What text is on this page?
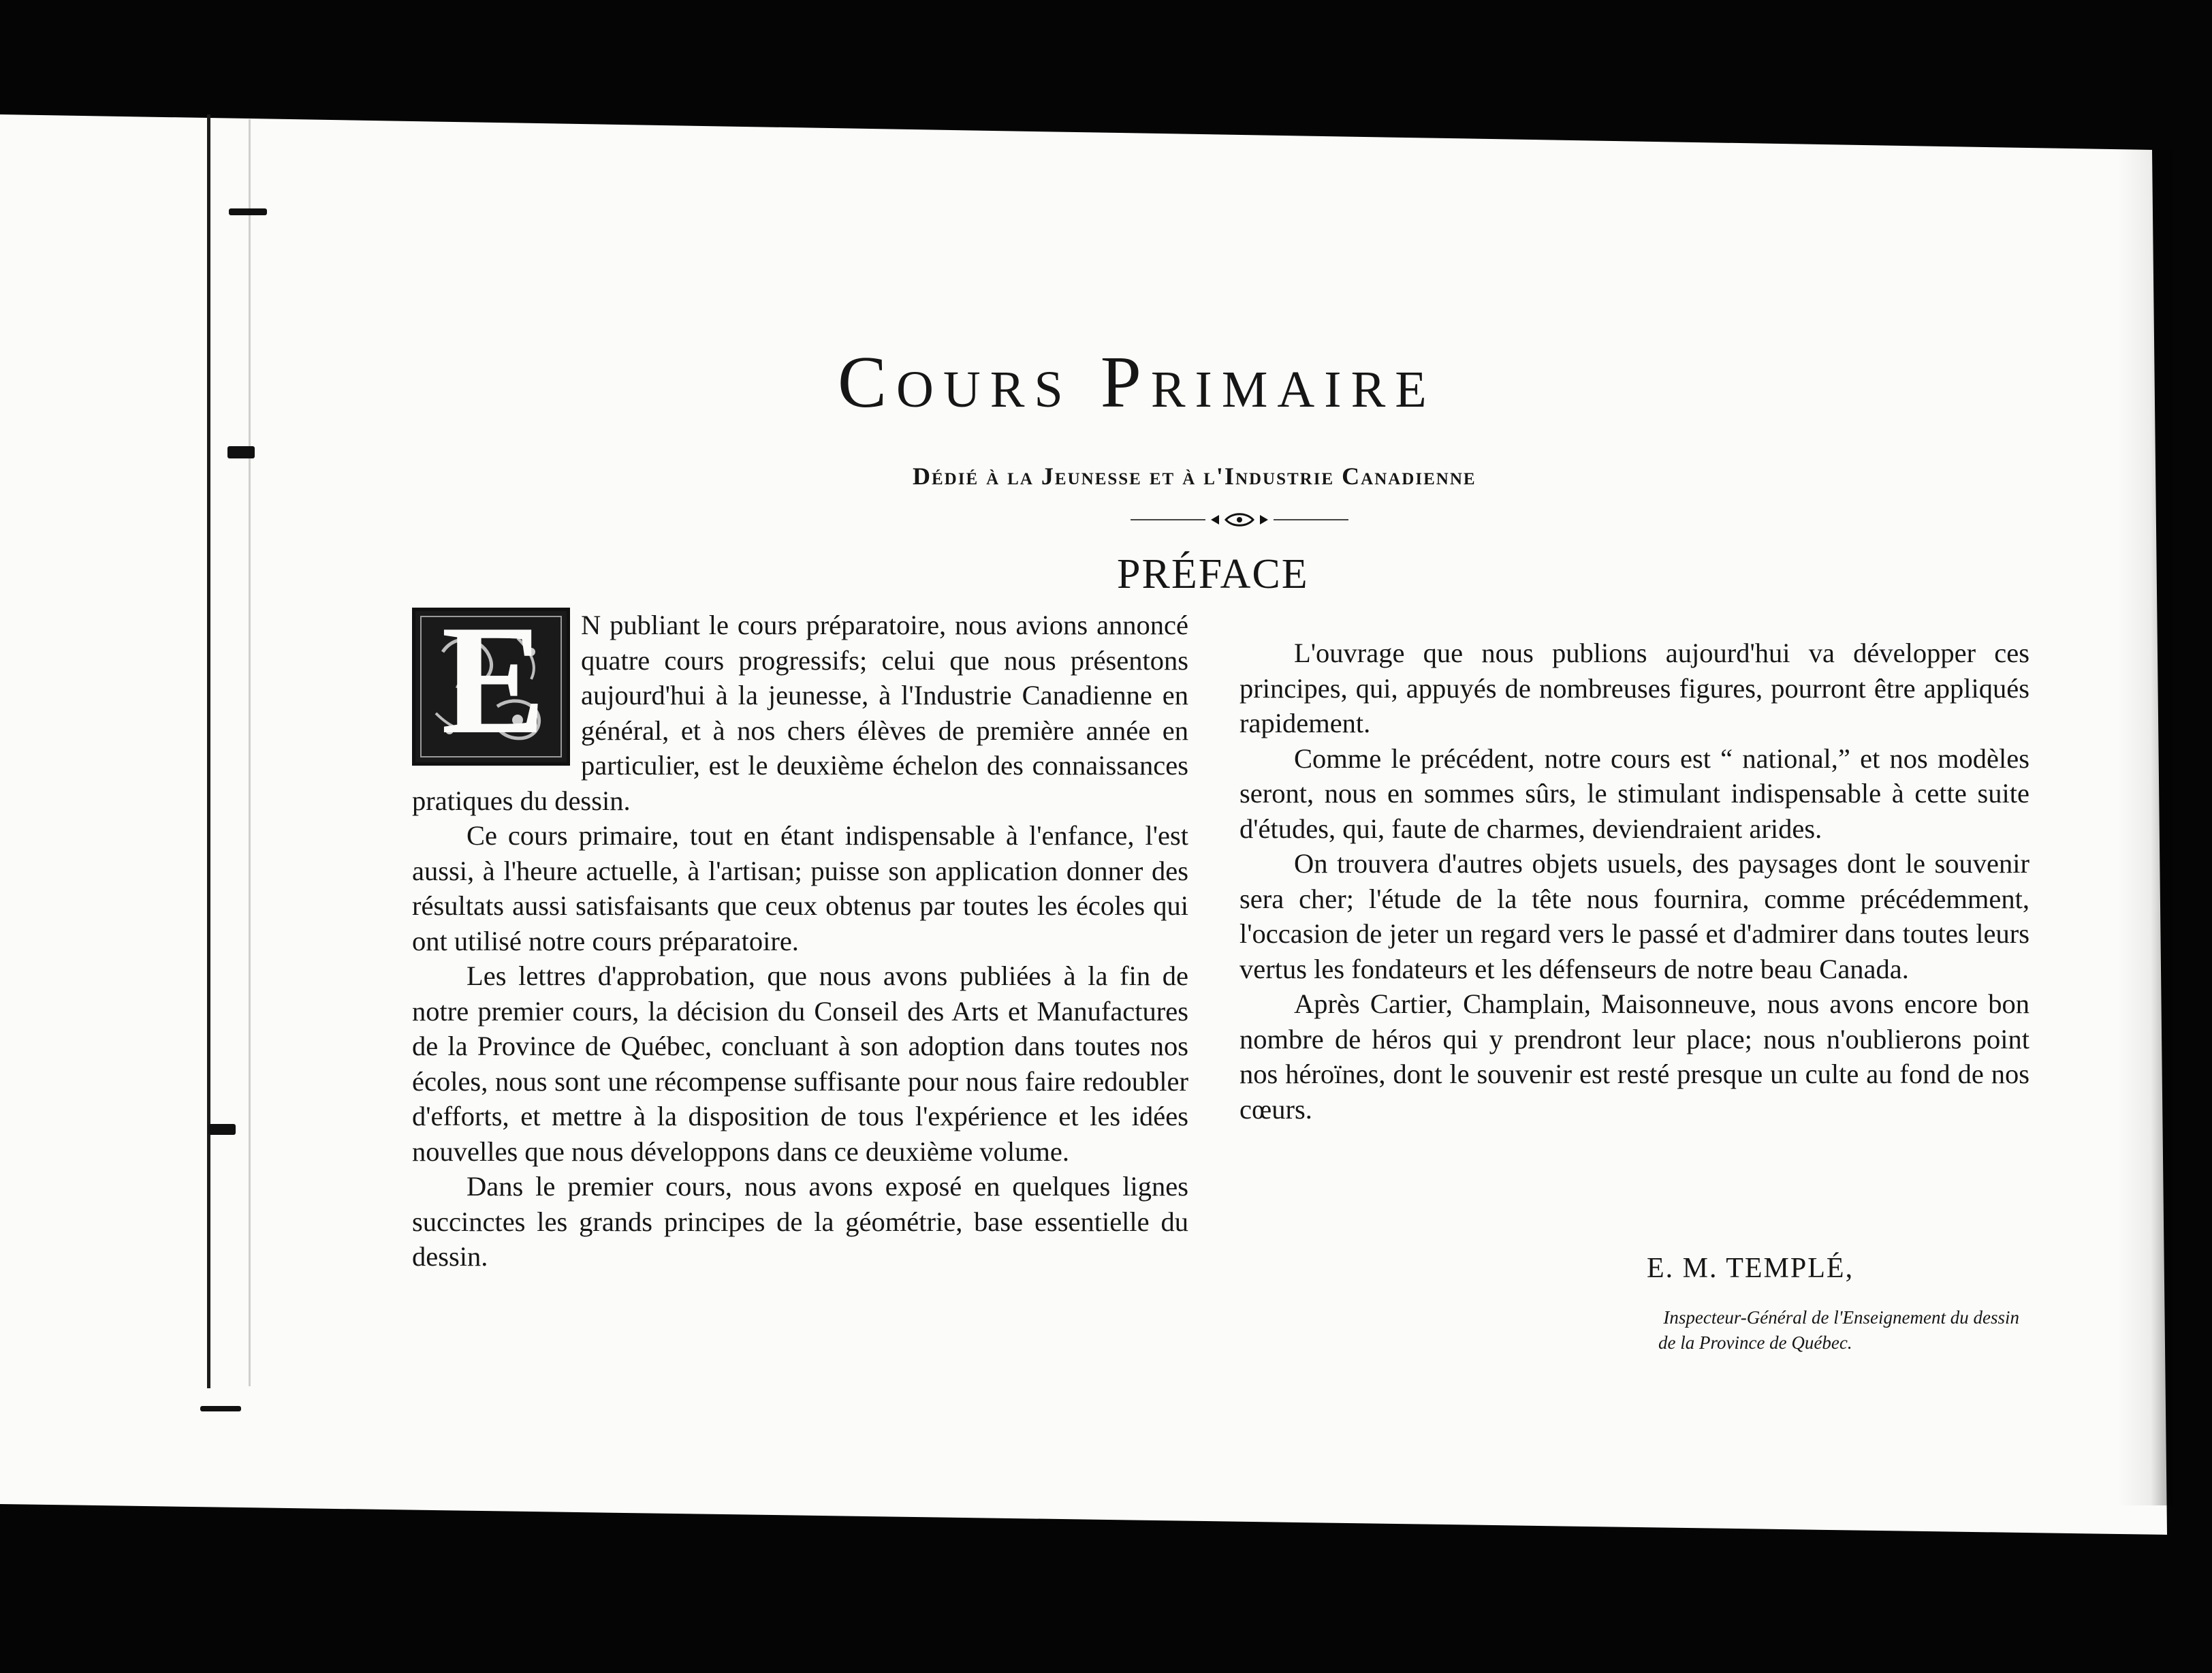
Cours Primaire

Dédié à la Jeunesse et à l'Industrie Canadienne

PRÉFACE
E	N publiant le cours préparatoire, nous avions annoncé quatre cours progressifs; celui que nous présentons aujourd'hui à la jeunesse, à l'Industrie Canadienne en général, et à nos chers élèves de première année en particulier, est le deuxième échelon des connaissances pratiques du dessin.

Ce cours primaire, tout en étant indispensable à l'enfance, l'est aussi, à l'heure actuelle, à l'artisan; puisse son application donner des résultats aussi satisfaisants que ceux obtenus par toutes les écoles qui ont utilisé notre cours préparatoire.

Les lettres d'approbation, que nous avons publiées à la fin de notre premier cours, la décision du Conseil des Arts et Manufactures de la Province de Québec, concluant à son adoption dans toutes nos écoles, nous sont une récompense suffisante pour nous faire redoubler d'efforts, et mettre à la disposition de tous l'expérience et les idées nouvelles que nous développons dans ce deuxième volume.

Dans le premier cours, nous avons exposé en quelques lignes succinctes les grands principes de la géométrie, base essentielle du dessin.

L'ouvrage que nous publions aujourd'hui va développer ces principes, qui, appuyés de nombreuses figures, pourront être appliqués rapidement.

Comme le précédent, notre cours est “ national,” et nos modèles seront, nous en sommes sûrs, le stimulant indispensable à cette suite d'études, qui, faute de charmes, deviendraient arides.

On trouvera d'autres objets usuels, des paysages dont le souvenir sera cher; l'étude de la tête nous fournira, comme précédemment, l'occasion de jeter un regard vers le passé et d'admirer dans toutes leurs vertus les fondateurs et les défenseurs de notre beau Canada.

Après Cartier, Champlain, Maisonneuve, nous avons encore bon nombre de héros qui y prendront leur place; nous n'oublierons point nos héroïnes, dont le souvenir est resté presque un culte au fond de nos cœurs.

E. M. TEMPLÉ,

Inspecteur-Général de l'Enseignement du dessin

de la Province de Québec.
